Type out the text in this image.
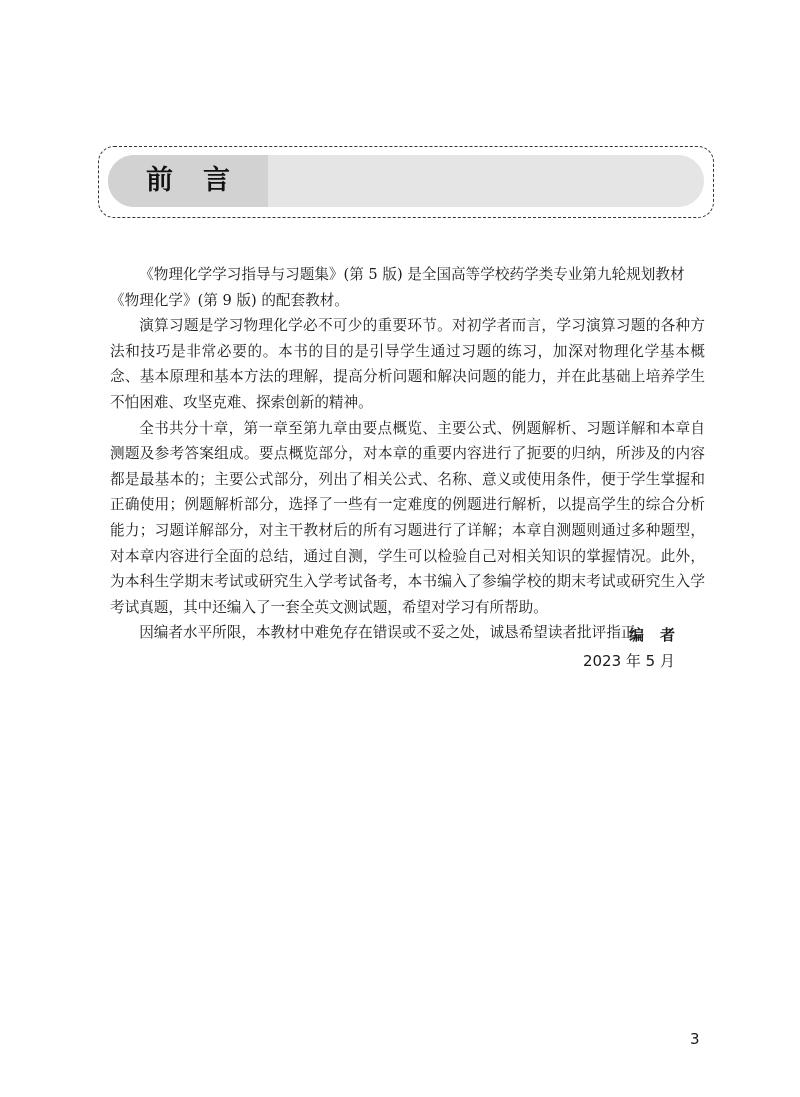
前言

《物理化学学习指导与习题集》(第 5 版) 是全国高等学校药学类专业第九轮规划教材

《物理化学》(第 9 版) 的配套教材。

演算习题是学习物理化学必不可少的重要环节。对初学者而言，学习演算习题的各种方法和技巧是非常必要的。本书的目的是引导学生通过习题的练习，加深对物理化学基本概念、基本原理和基本方法的理解，提高分析问题和解决问题的能力，并在此基础上培养学生不怕困难、攻坚克难、探索创新的精神。

全书共分十章，第一章至第九章由要点概览、主要公式、例题解析、习题详解和本章自测题及参考答案组成。要点概览部分，对本章的重要内容进行了扼要的归纳，所涉及的内容都是最基本的；主要公式部分，列出了相关公式、名称、意义或使用条件，便于学生掌握和正确使用；例题解析部分，选择了一些有一定难度的例题进行解析，以提高学生的综合分析能力；习题详解部分，对主干教材后的所有习题进行了详解；本章自测题则通过多种题型，对本章内容进行全面的总结，通过自测，学生可以检验自己对相关知识的掌握情况。此外，为本科生学期末考试或研究生入学考试备考，本书编入了参编学校的期末考试或研究生入学考试真题，其中还编入了一套全英文测试题，希望对学习有所帮助。

因编者水平所限，本教材中难免存在错误或不妥之处，诚恳希望读者批评指正。

编者
2023 年 5 月
3
